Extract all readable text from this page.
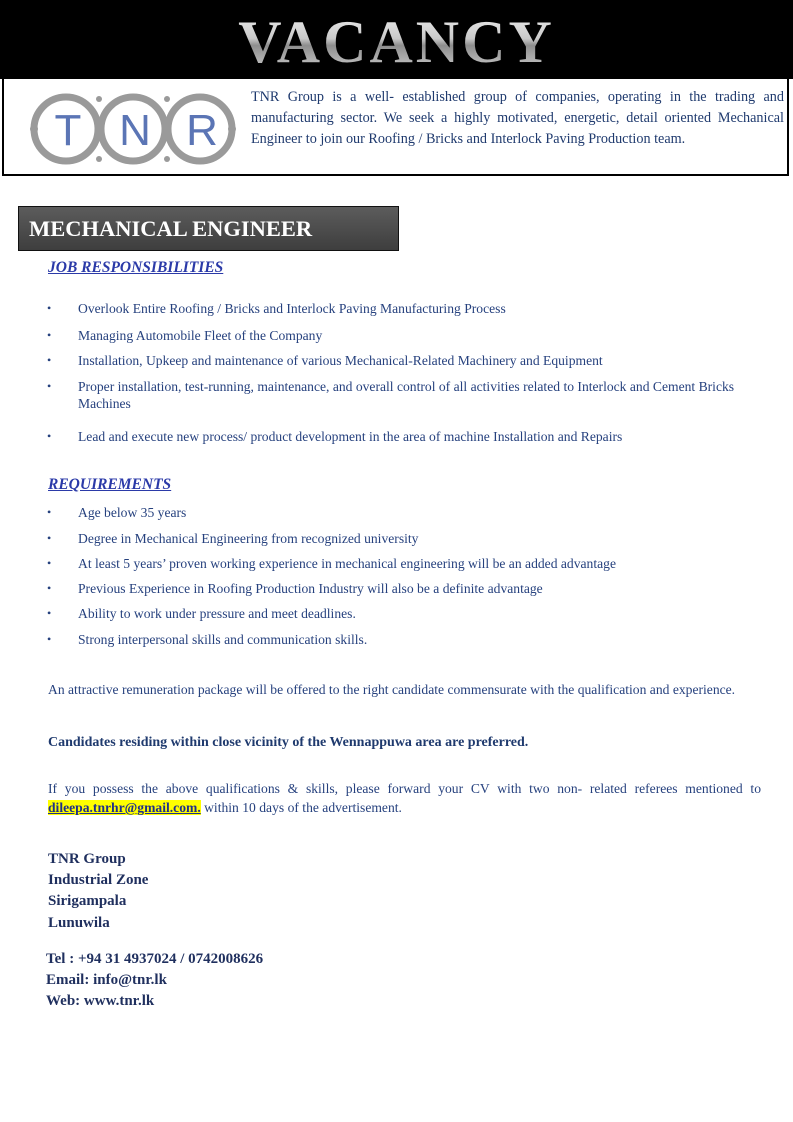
VACANCY
T N R
TNR Group is a well- established group of companies, operating in the trading and manufacturing sector. We seek a highly motivated, energetic, detail oriented Mechanical Engineer to join our Roofing / Bricks and Interlock Paving Production team.
MECHANICAL ENGINEER
JOB RESPONSIBILITIES
• Overlook Entire Roofing / Bricks and Interlock Paving Manufacturing Process
• Managing Automobile Fleet of the Company
• Installation, Upkeep and maintenance of various Mechanical-Related Machinery and Equipment
• Proper installation, test-running, maintenance, and overall control of all activities related to Interlock and Cement Bricks Machines
• Lead and execute new process/ product development in the area of machine Installation and Repairs
REQUIREMENTS
• Age below 35 years
• Degree in Mechanical Engineering from recognized university
• At least 5 years’ proven working experience in mechanical engineering will be an added advantage
• Previous Experience in Roofing Production Industry will also be a definite advantage
• Ability to work under pressure and meet deadlines.
• Strong interpersonal skills and communication skills.
An attractive remuneration package will be offered to the right candidate commensurate with the qualification and experience.
Candidates residing within close vicinity of the Wennappuwa area are preferred.
If you possess the above qualifications & skills, please forward your CV with two non- related referees mentioned to dileepa.tnrhr@gmail.com. within 10 days of the advertisement.
TNR Group
Industrial Zone
Sirigampala
Lunuwila
Tel : +94 31 4937024 / 0742008626
Email: info@tnr.lk
Web: www.tnr.lk
